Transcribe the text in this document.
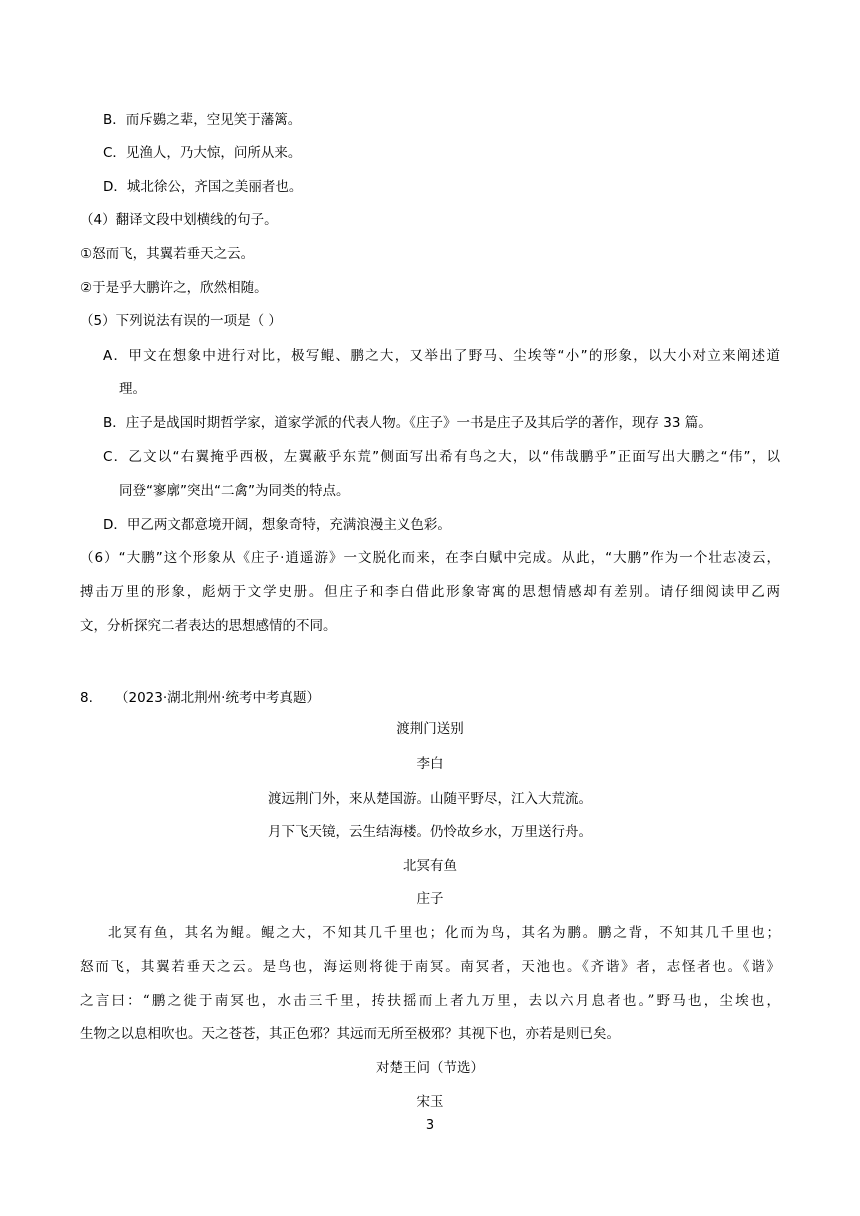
B．而斥鷃之辈，空见笑于藩篱。
C．见渔人，乃大惊，问所从来。
D．城北徐公，齐国之美丽者也。
（4）翻译文段中划横线的句子。
①怒而飞，其翼若垂天之云。
②于是乎大鹏许之，欣然相随。
（5）下列说法有误的一项是（ ）
A．甲文在想象中进行对比，极写鲲、鹏之大，又举出了野马、尘埃等“小”的形象，以大小对立来阐述道
理。
B．庄子是战国时期哲学家，道家学派的代表人物。《庄子》一书是庄子及其后学的著作，现存 33 篇。
C．乙文以“右翼掩乎西极，左翼蔽乎东荒”侧面写出希有鸟之大，以“伟哉鹏乎”正面写出大鹏之“伟”，以
同登“寥廓”突出“二禽”为同类的特点。
D．甲乙两文都意境开阔，想象奇特，充满浪漫主义色彩。
（6）“大鹏”这个形象从《庄子·逍遥游》一文脱化而来，在李白赋中完成。从此，“大鹏”作为一个壮志凌云，
搏击万里的形象，彪炳于文学史册。但庄子和李白借此形象寄寓的思想情感却有差别。请仔细阅读甲乙两
文，分析探究二者表达的思想感情的不同。
8. （2023·湖北荆州·统考中考真题）
渡荆门送别
李白
渡远荆门外，来从楚国游。山随平野尽，江入大荒流。
月下飞天镜，云生结海楼。仍怜故乡水，万里送行舟。
北冥有鱼
庄子
北冥有鱼，其名为鲲。鲲之大，不知其几千里也；化而为鸟，其名为鹏。鹏之背，不知其几千里也；
怒而飞，其翼若垂天之云。是鸟也，海运则将徙于南冥。南冥者，天池也。《齐谐》者，志怪者也。《谐》
之言曰：“鹏之徙于南冥也，水击三千里，抟扶摇而上者九万里，去以六月息者也。”野马也，尘埃也，
生物之以息相吹也。天之苍苍，其正色邪？其远而无所至极邪？其视下也，亦若是则已矣。
对楚王问（节选）
宋玉
3
